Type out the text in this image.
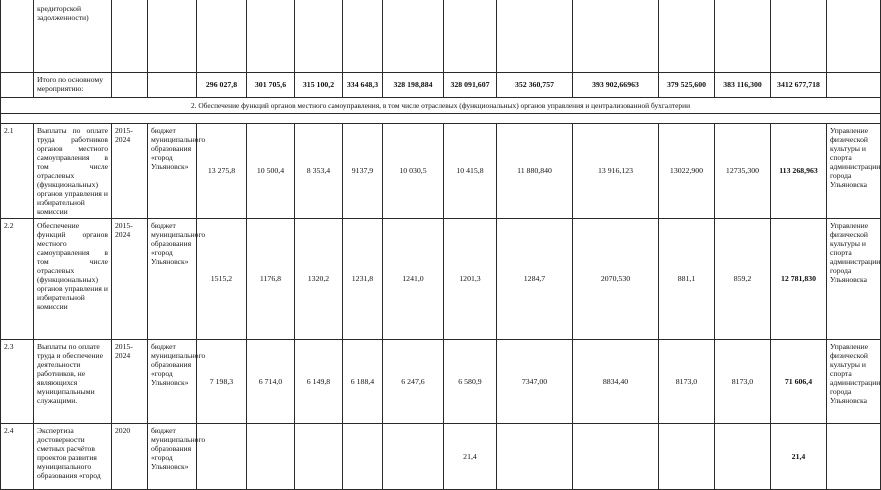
	кредиторской задолженности)														
	Итого по основному мероприятию:			296 027,8	301 705,6	315 100,2	334 648,3	328 198,884	328 091,607	352 360,757	393 902,66963	379 525,600	383 116,300	3412 677,718	
2. Обеспечение функций органов местного самоуправления, в том числе отраслевых (функциональных) органов управления и централизованной бухгалтерии															

2.1	Выплаты по оплате труда работников органов местного самоуправления в том числе отраслевых (функциональных) органов управления и избирательной комиссии	2015-2024	бюджет муниципального образования «город Ульяновск»	13 275,8	10 500,4	8 353,4	9137,9	10 030,5	10 415,8	11 880,840	13 916,123	13022,900	12735,300	113 268,963	Управление физической культуры и спорта администрации города Ульяновска
2.2	Обеспечение функций органов местного самоуправления в том числе отраслевых (функциональных) органов управления и избирательной комиссии	2015-2024	бюджет муниципального образования «город Ульяновск»	1515,2	1176,8	1320,2	1231,8	1241,0	1201,3	1284,7	2070,530	881,1	859,2	12 781,830	Управление физической культуры и спорта администрации города Ульяновска
2.3	Выплаты по оплате труда и обеспечение деятельности работников, не являющихся муниципальными служащими.	2015-2024	бюджет муниципального образования «город Ульяновск»	7 198,3	6 714,0	6 149,8	6 188,4	6 247,6	6 580,9	7347,00	8834,40	8173,0	8173,0	71 606,4	Управление физической культуры и спорта администрации города Ульяновска
2.4	Экспертиза достоверности сметных расчётов проектов развития муниципального образования «город	2020	бюджет муниципального образования «город Ульяновск»						21,4					21,4	
